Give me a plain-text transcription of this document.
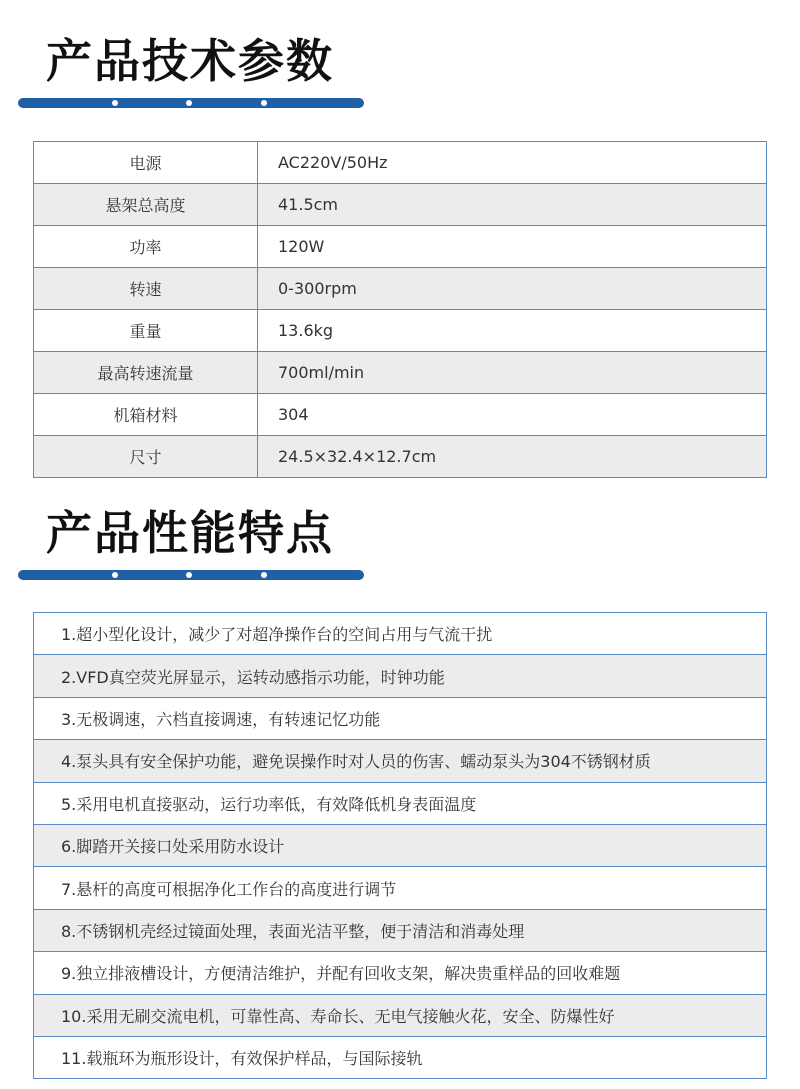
产品技术参数
电源	AC220V/50Hz
悬架总高度	41.5cm
功率	120W
转速	0-300rpm
重量	13.6kg
最高转速流量	700ml/min
机箱材料	304
尺寸	24.5×32.4×12.7cm
产品性能特点
1.超小型化设计，减少了对超净操作台的空间占用与气流干扰
2.VFD真空荧光屏显示，运转动感指示功能，时钟功能
3.无极调速，六档直接调速，有转速记忆功能
4.泵头具有安全保护功能，避免误操作时对人员的伤害、蠕动泵头为304不锈钢材质
5.采用电机直接驱动，运行功率低，有效降低机身表面温度
6.脚踏开关接口处采用防水设计
7.悬杆的高度可根据净化工作台的高度进行调节
8.不锈钢机壳经过镜面处理，表面光洁平整，便于清洁和消毒处理
9.独立排液槽设计，方便清洁维护，并配有回收支架，解决贵重样品的回收难题
10.采用无刷交流电机，可靠性高、寿命长、无电气接触火花，安全、防爆性好
11.载瓶环为瓶形设计，有效保护样品，与国际接轨
